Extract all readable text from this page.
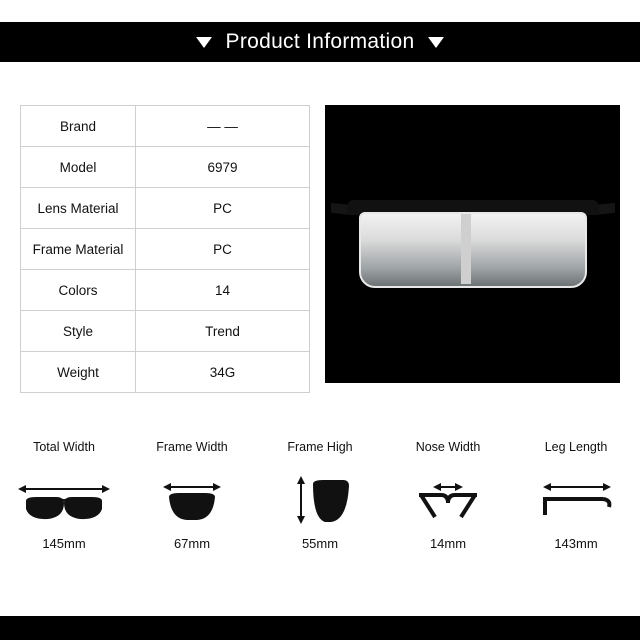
Product Information
Brand	— —
Model	6979
Lens Material	PC
Frame Material	PC
Colors	14
Style	Trend
Weight	34G
Total Width
145mm
Frame Width
67mm
Frame High
55mm
Nose Width
14mm
Leg Length
143mm
